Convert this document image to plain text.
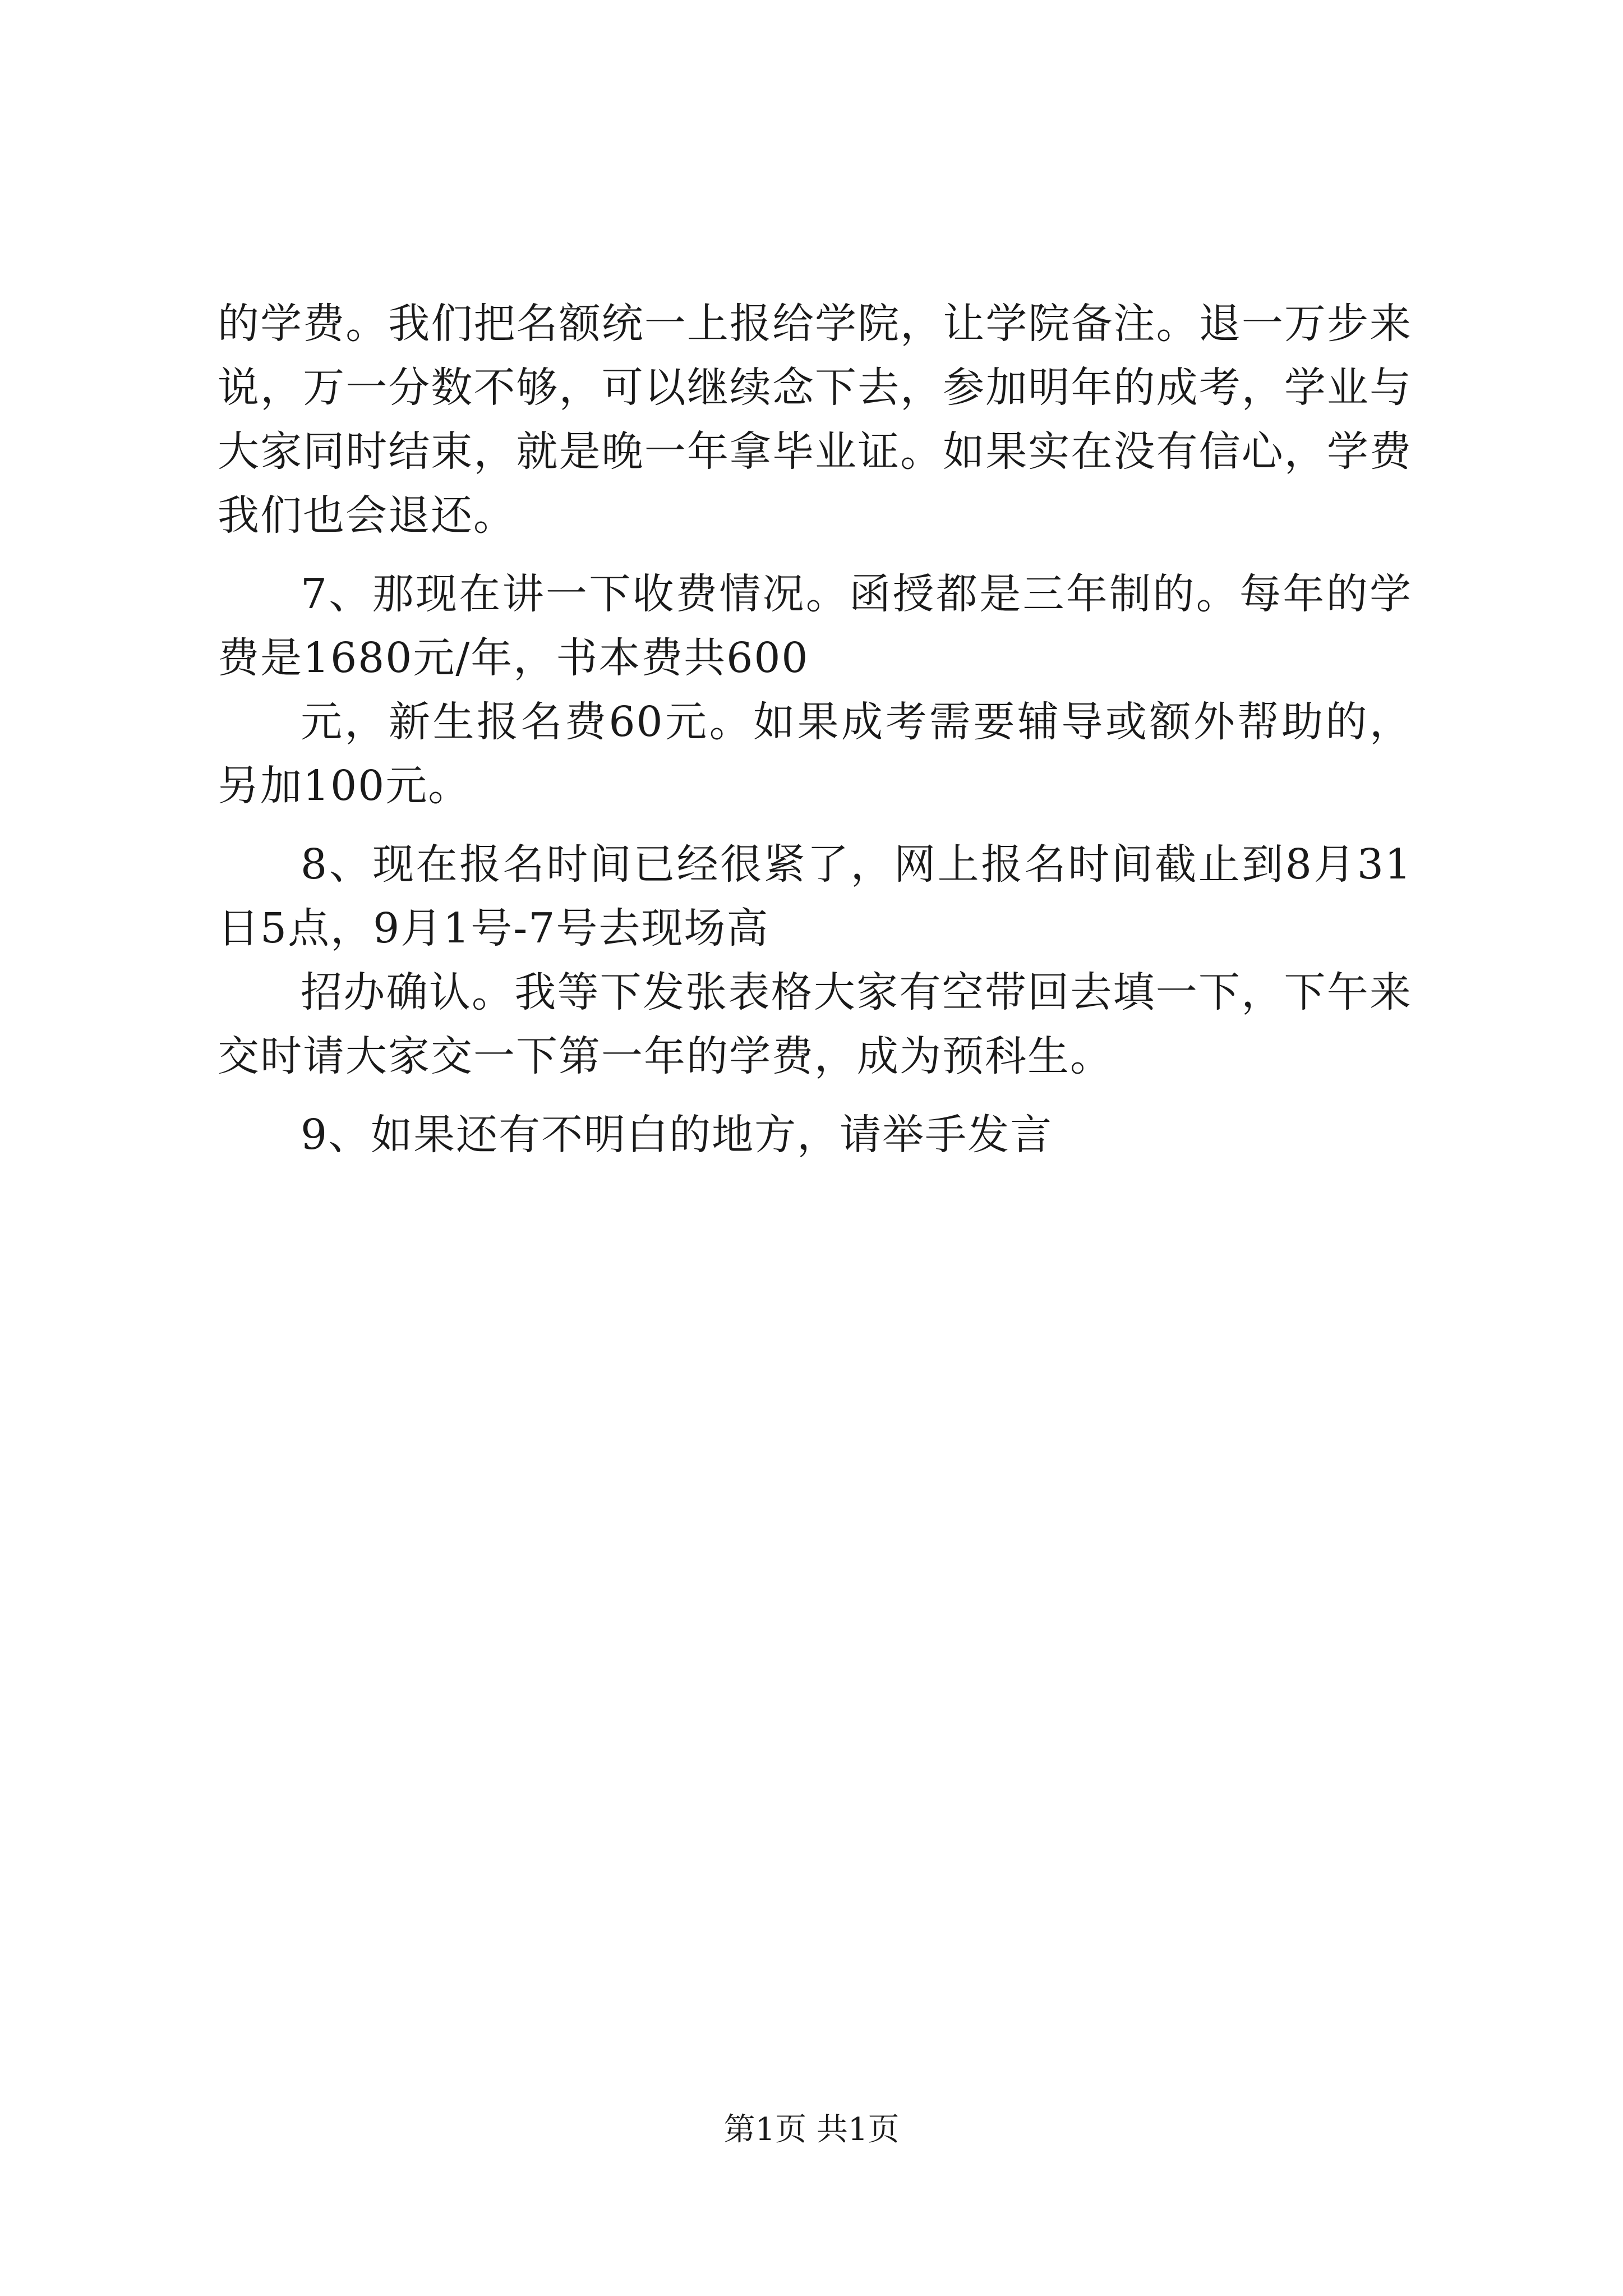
的学费。我们把名额统一上报给学院，让学院备注。退一万步来说，万一分数不够，可以继续念下去，参加明年的成考，学业与大家同时结束，就是晚一年拿毕业证。如果实在没有信心，学费我们也会退还。

7、那现在讲一下收费情况。函授都是三年制的。每年的学费是1680元/年，书本费共600

元，新生报名费60元。如果成考需要辅导或额外帮助的，另加100元。

8、现在报名时间已经很紧了，网上报名时间截止到8月31日5点，9月1号-7号去现场高

招办确认。我等下发张表格大家有空带回去填一下，下午来交时请大家交一下第一年的学费，成为预科生。

9、如果还有不明白的地方，请举手发言

第1页 共1页
